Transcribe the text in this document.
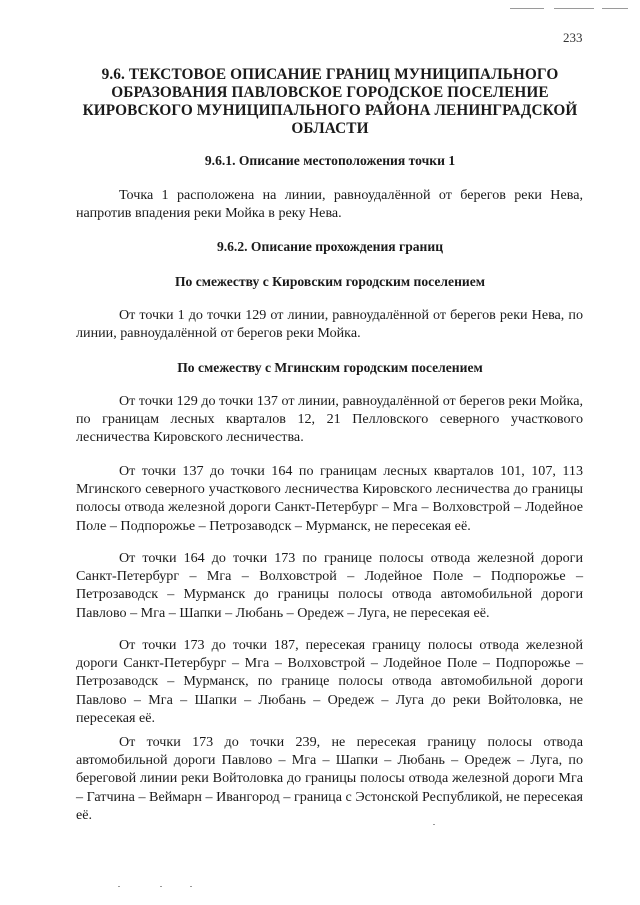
233
9.6. ТЕКСТОВОЕ ОПИСАНИЕ ГРАНИЦ МУНИЦИПАЛЬНОГО ОБРАЗОВАНИЯ ПАВЛОВСКОЕ ГОРОДСКОЕ ПОСЕЛЕНИЕ КИРОВСКОГО МУНИЦИПАЛЬНОГО РАЙОНА ЛЕНИНГРАДСКОЙ ОБЛАСТИ
9.6.1. Описание местоположения точки 1
Точка 1 расположена на линии, равноудалённой от берегов реки Нева, напротив впадения реки Мойка в реку Нева.
9.6.2. Описание прохождения границ
По смежеству с Кировским городским поселением
От точки 1 до точки 129 от линии, равноудалённой от берегов реки Нева, по линии, равноудалённой от берегов реки Мойка.
По смежеству с Мгинским городским поселением
От точки 129 до точки 137 от линии, равноудалённой от берегов реки Мойка, по границам лесных кварталов 12, 21 Пелловского северного участкового лесничества Кировского лесничества.
От точки 137 до точки 164 по границам лесных кварталов 101, 107, 113 Мгинского северного участкового лесничества Кировского лесничества до границы полосы отвода железной дороги Санкт-Петербург – Мга – Волховстрой – Лодейное Поле – Подпорожье – Петрозаводск – Мурманск, не пересекая её.
От точки 164 до точки 173 по границе полосы отвода железной дороги Санкт-Петербург – Мга – Волховстрой – Лодейное Поле – Подпорожье – Петрозаводск – Мурманск до границы полосы отвода автомобильной дороги Павлово – Мга – Шапки – Любань – Оредеж – Луга, не пересекая её.
От точки 173 до точки 187, пересекая границу полосы отвода железной дороги Санкт-Петербург – Мга – Волховстрой – Лодейное Поле – Подпорожье – Петрозаводск – Мурманск, по границе полосы отвода автомобильной дороги Павлово – Мга – Шапки – Любань – Оредеж – Луга до реки Войтоловка, не пересекая её.
От точки 173 до точки 239, не пересекая границу полосы отвода автомобильной дороги Павлово – Мга – Шапки – Любань – Оредеж – Луга, по береговой линии реки Войтоловка до границы полосы отвода железной дороги Мга – Гатчина – Веймарн – Ивангород – граница с Эстонской Республикой, не пересекая её.
